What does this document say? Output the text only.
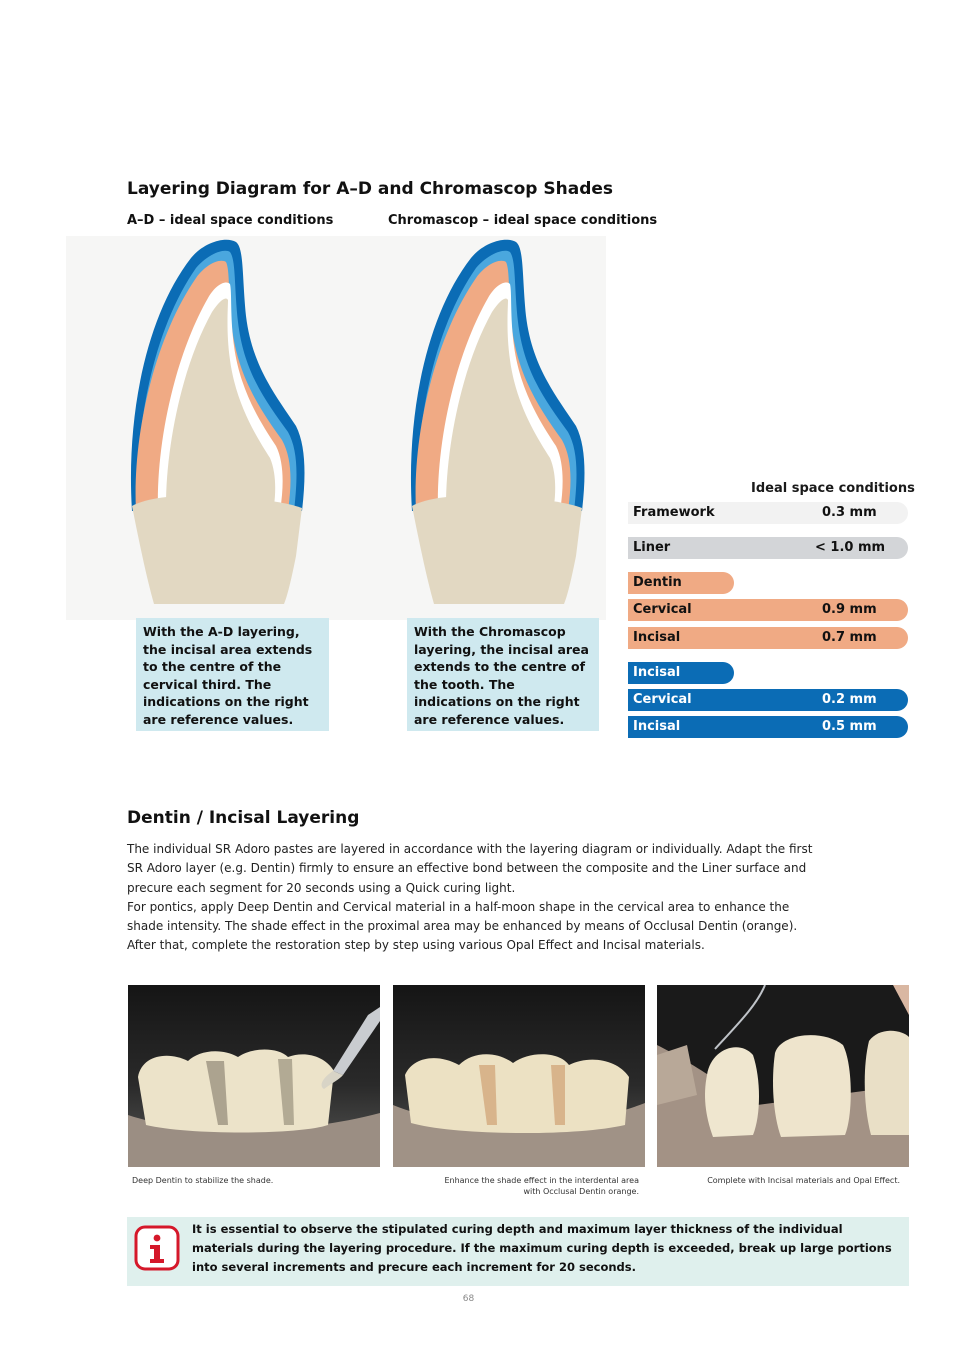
Layering Diagram for A–D and Chromascop Shades
A–D – ideal space conditions	Chromascop – ideal space conditions
With the A-D layering, the incisal area extends to the centre of the cervical third. The indications on the right are reference values.
With the Chromascop layering, the incisal area extends to the centre of the tooth. The indications on the right are reference values.
Ideal space conditions
Framework	0.3 mm
Liner	< 1.0 mm
Dentin
Cervical	0.9 mm
Incisal	0.7 mm
Incisal
Cervical	0.2 mm
Incisal	0.5 mm
Dentin / Incisal Layering
The individual SR Adoro pastes are layered in accordance with the layering diagram or individually. Adapt the first SR Adoro layer (e.g. Dentin) firmly to ensure an effective bond between the composite and the Liner surface and precure each segment for 20 seconds using a Quick curing light.
For pontics, apply Deep Dentin and Cervical material in a half-moon shape in the cervical area to enhance the shade intensity. The shade effect in the proximal area may be enhanced by means of Occlusal Dentin (orange). After that, complete the restoration step by step using various Opal Effect and Incisal materials.
Deep Dentin to stabilize the shade.	Enhance the shade effect in the interdental area with Occlusal Dentin orange.
Complete with Incisal materials and Opal Effect.
It is essential to observe the stipulated curing depth and maximum layer thickness of the individual materials during the layering procedure. If the maximum curing depth is exceeded, break up large portions into several increments and precure each increment for 20 seconds.
68
